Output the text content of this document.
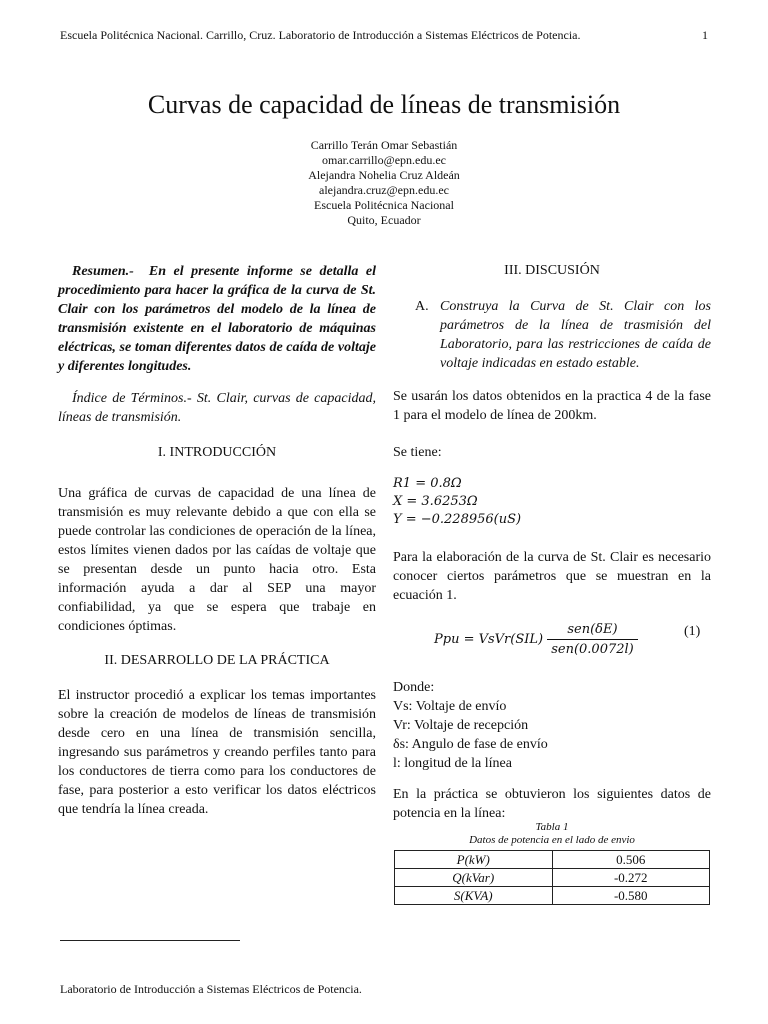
Escuela Politécnica Nacional. Carrillo, Cruz. Laboratorio de Introducción a Sistemas Eléctricos de Potencia.	1
Curvas de capacidad de líneas de transmisión
Carrillo Terán Omar Sebastián
omar.carrillo@epn.edu.ec
Alejandra Nohelia Cruz Aldeán
alejandra.cruz@epn.edu.ec
Escuela Politécnica Nacional
Quito, Ecuador
Resumen.- En el presente informe se detalla el procedimiento para hacer la gráfica de la curva de St. Clair con los parámetros del modelo de la línea de transmisión existente en el laboratorio de máquinas eléctricas, se toman diferentes datos de caída de voltaje y diferentes longitudes.
Índice de Términos.- St. Clair, curvas de capacidad, líneas de transmisión.
I. INTRODUCCIÓN
Una gráfica de curvas de capacidad de una línea de transmisión es muy relevante debido a que con ella se puede controlar las condiciones de operación de la línea, estos límites vienen dados por las caídas de voltaje que se presentan desde un punto hacia otro. Esta información ayuda a dar al SEP una mayor confiabilidad, ya que se espera que trabaje en condiciones óptimas.
II. DESARROLLO DE LA PRÁCTICA
El instructor procedió a explicar los temas importantes sobre la creación de modelos de líneas de transmisión desde cero en una línea de transmisión sencilla, ingresando sus parámetros y creando perfiles tanto para los conductores de tierra como para los conductores de fase, para posterior a esto verificar los datos eléctricos que tendría la línea creada.
III. DISCUSIÓN
A. Construya la Curva de St. Clair con los parámetros de la línea de trasmisión del Laboratorio, para las restricciones de caída de voltaje indicadas en estado estable.
Se usarán los datos obtenidos en la practica 4 de la fase 1 para el modelo de línea de 200km.
Se tiene:
R1 = 0.8Ω
X = 3.6253Ω
Y = −0.228956(uS)
Para la elaboración de la curva de St. Clair es necesario conocer ciertos parámetros que se muestran en la ecuación 1.
Ppu = VsVr(SIL) $\frac{\text{sen(δE)}}{\text{sen(0.0072l)}}$	(1)
Donde:
Vs: Voltaje de envío
Vr: Voltaje de recepción
δs: Angulo de fase de envío
l: longitud de la línea
En la práctica se obtuvieron los siguientes datos de potencia en la línea:
Tabla 1
Datos de potencia en el lado de envio
P(kW)	0.506
Q(kVar)	-0.272
S(KVA)	-0.580
Laboratorio de Introducción a Sistemas Eléctricos de Potencia.
